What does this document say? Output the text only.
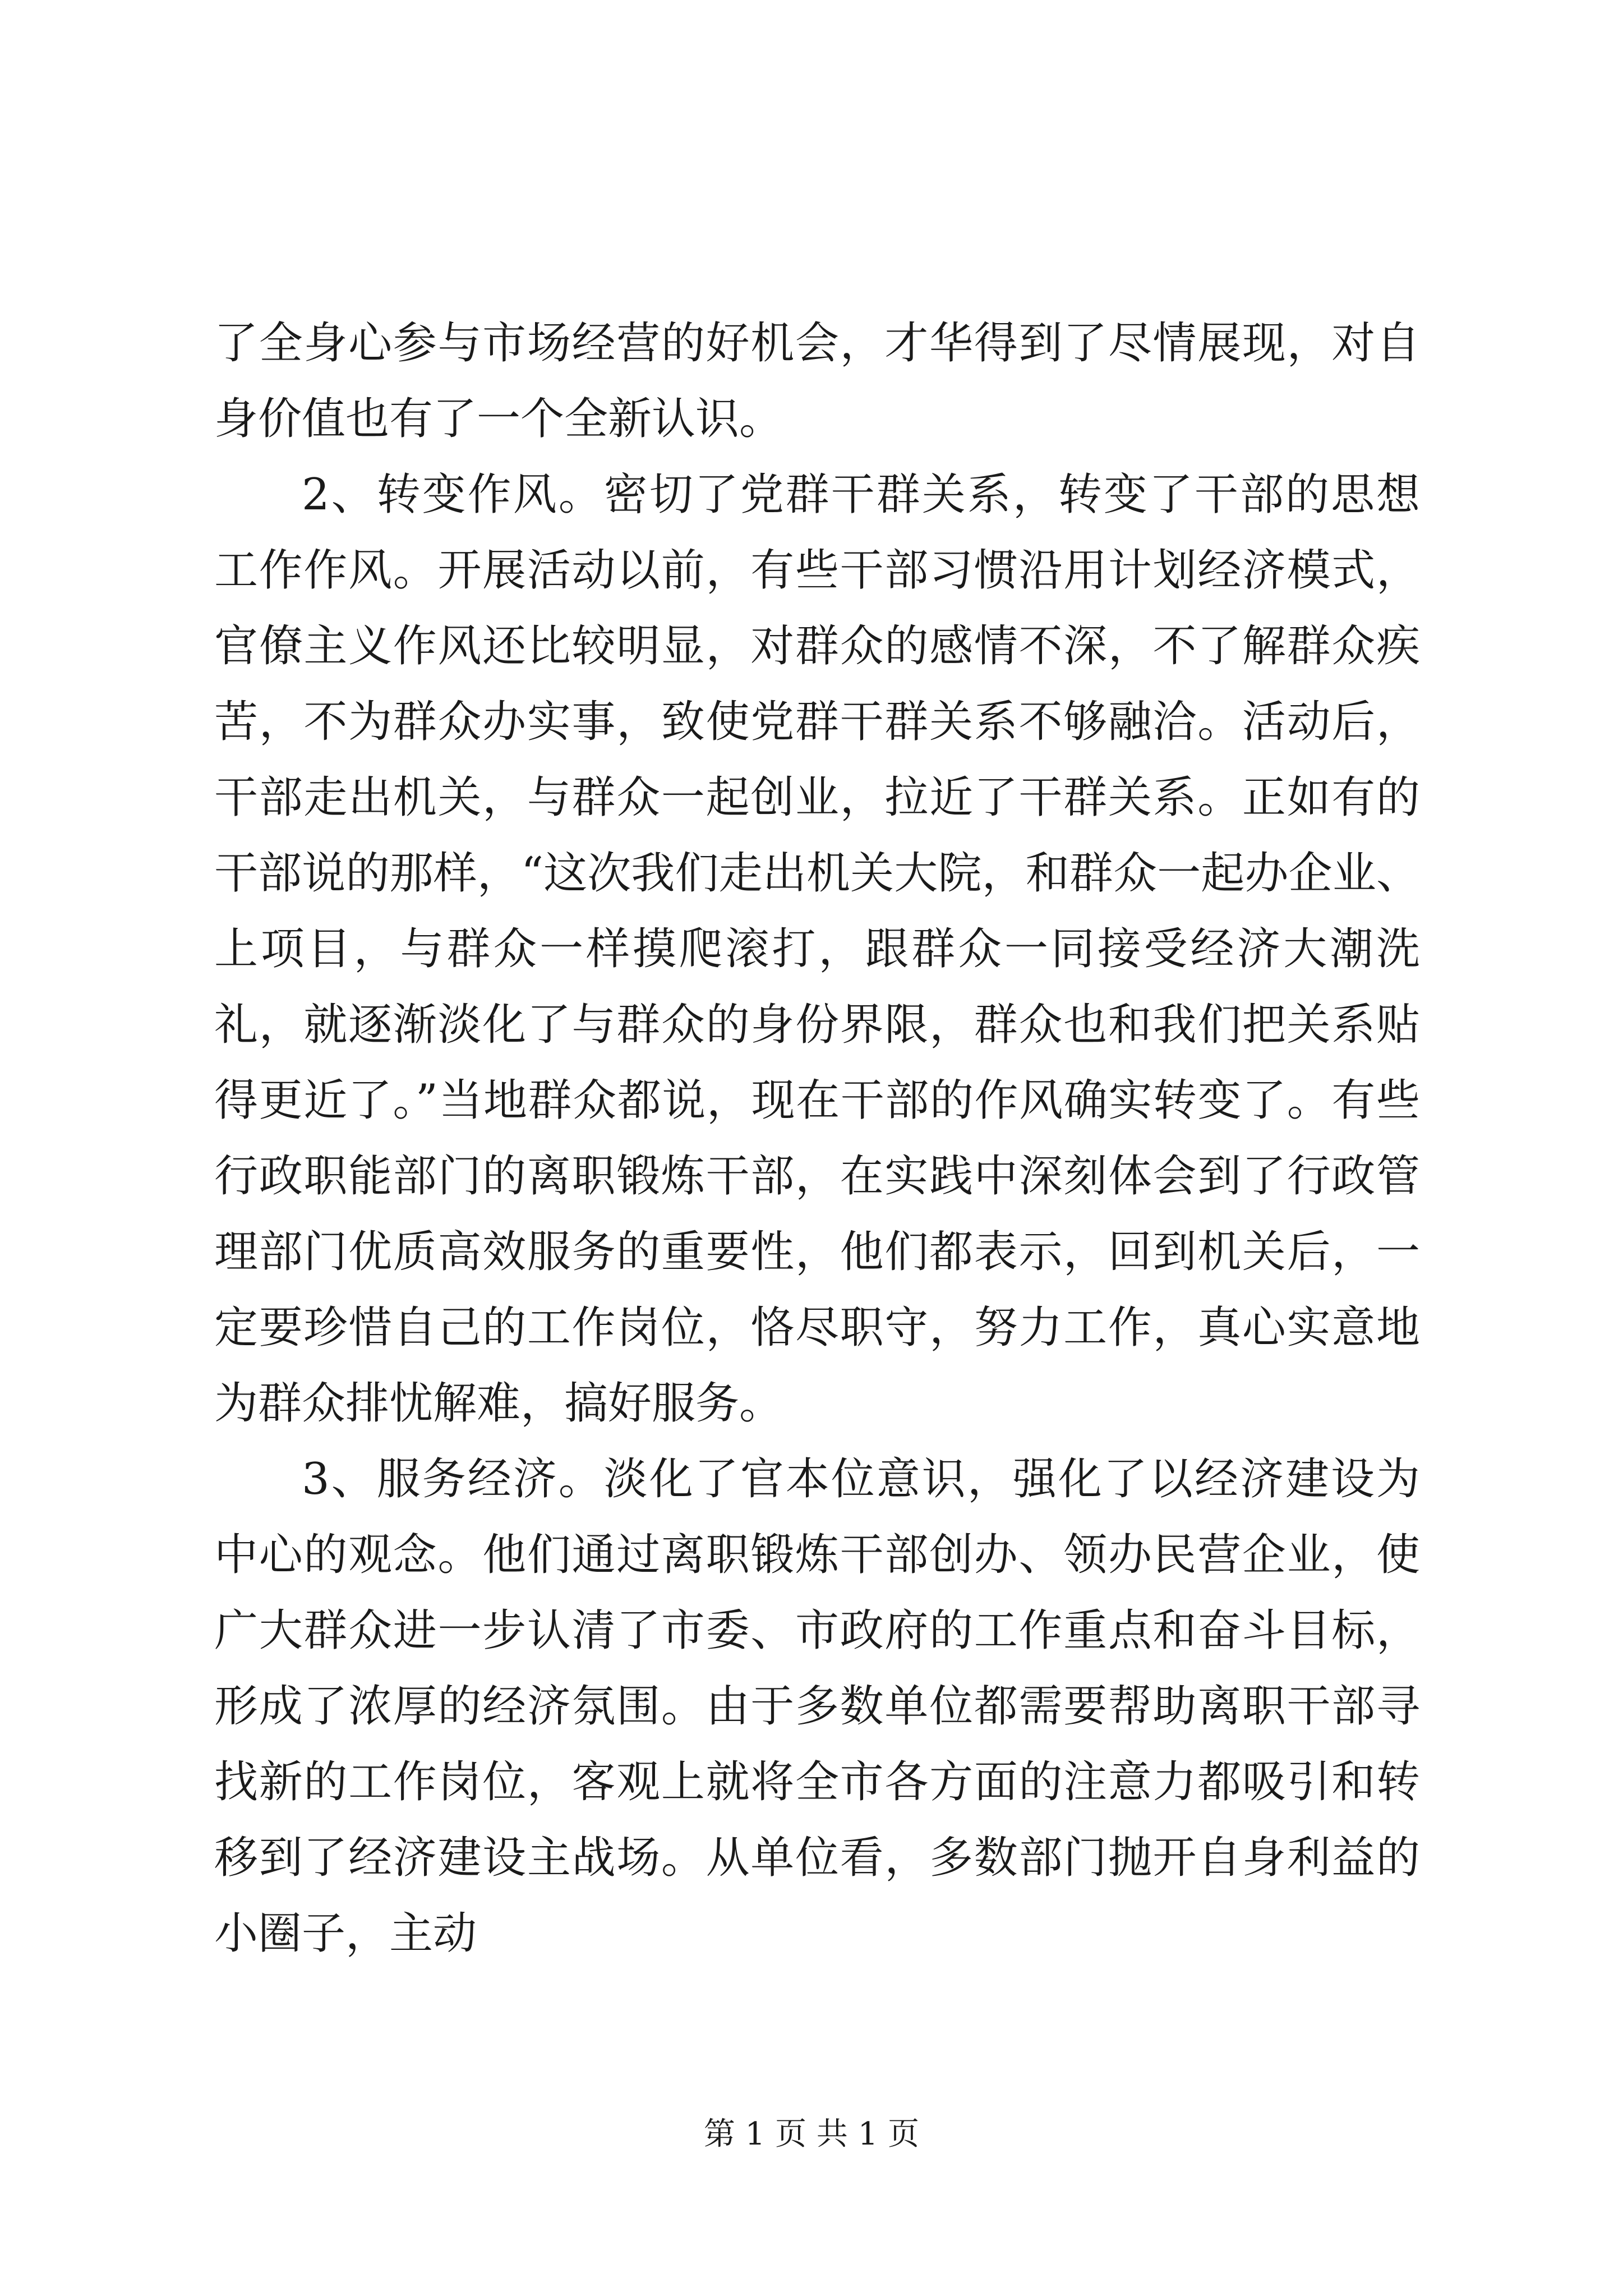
了全身心参与市场经营的好机会，才华得到了尽情展现，对自身价值也有了一个全新认识。

2、转变作风。密切了党群干群关系，转变了干部的思想工作作风。开展活动以前，有些干部习惯沿用计划经济模式，官僚主义作风还比较明显，对群众的感情不深，不了解群众疾苦，不为群众办实事，致使党群干群关系不够融洽。活动后，干部走出机关，与群众一起创业，拉近了干群关系。正如有的干部说的那样，“这次我们走出机关大院，和群众一起办企业、上项目，与群众一样摸爬滚打，跟群众一同接受经济大潮洗礼，就逐渐淡化了与群众的身份界限，群众也和我们把关系贴得更近了。”当地群众都说，现在干部的作风确实转变了。有些行政职能部门的离职锻炼干部，在实践中深刻体会到了行政管理部门优质高效服务的重要性，他们都表示，回到机关后，一定要珍惜自己的工作岗位，恪尽职守，努力工作，真心实意地为群众排忧解难，搞好服务。

3、服务经济。淡化了官本位意识，强化了以经济建设为中心的观念。他们通过离职锻炼干部创办、领办民营企业，使广大群众进一步认清了市委、市政府的工作重点和奋斗目标，形成了浓厚的经济氛围。由于多数单位都需要帮助离职干部寻找新的工作岗位，客观上就将全市各方面的注意力都吸引和转移到了经济建设主战场。从单位看，多数部门抛开自身利益的小圈子，主动

第 1 页 共 1 页
